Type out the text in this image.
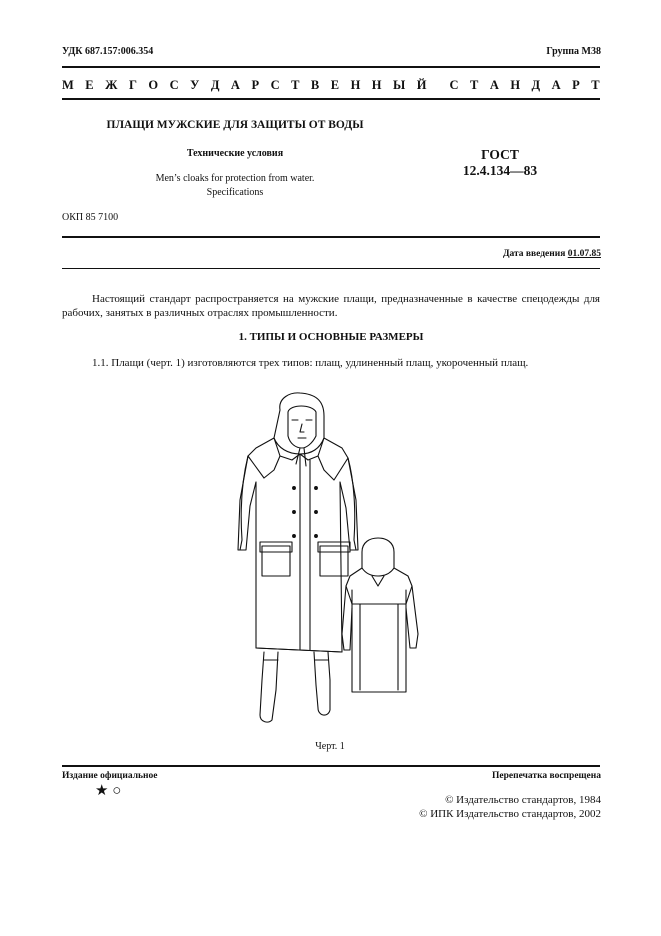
УДК 687.157:006.354	Группа М38
М Е Ж Г О С У Д А Р С Т В Е Н Н Ы Й С Т А Н Д А Р Т
ПЛАЩИ МУЖСКИЕ ДЛЯ ЗАЩИТЫ ОТ ВОДЫ
Технические условия
Men’s cloaks for protection from water.
Specifications
ГОСТ
12.4.134—83
ОКП 85 7100
Дата введения 01.07.85
Настоящий стандарт распространяется на мужские плащи, предназначенные в качестве спецодежды для рабочих, занятых в различных отраслях промышленности.
1. ТИПЫ И ОСНОВНЫЕ РАЗМЕРЫ
1.1. Плащи (черт. 1) изготовляются трех типов: плащ, удлиненный плащ, укороченный плащ.
Черт. 1
Издание официальное	Перепечатка воспрещена
★ ○
© Издательство стандартов, 1984
© ИПК Издательство стандартов, 2002
